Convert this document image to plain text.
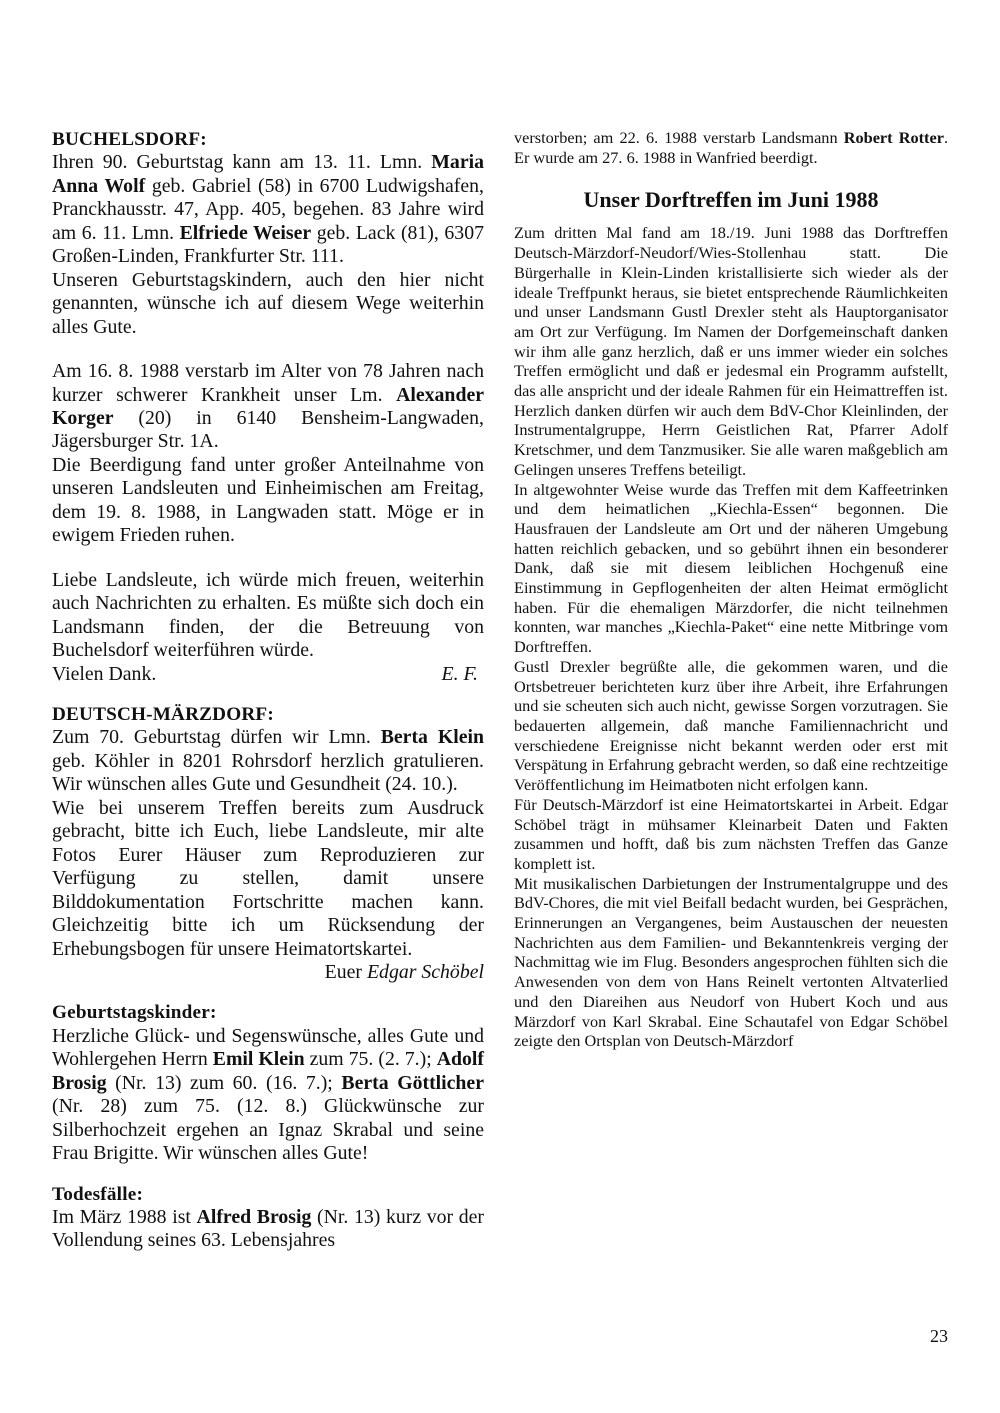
BUCHELSDORF:

Ihren 90. Geburtstag kann am 13. 11. Lmn. Maria Anna Wolf geb. Gabriel (58) in 6700 Ludwigshafen, Pranckhausstr. 47, App. 405, begehen. 83 Jahre wird am 6. 11. Lmn. Elfriede Weiser geb. Lack (81), 6307 Großen-Linden, Frankfurter Str. 111.

Unseren Geburtstagskindern, auch den hier nicht genannten, wünsche ich auf diesem Wege weiterhin alles Gute.

Am 16. 8. 1988 verstarb im Alter von 78 Jahren nach kurzer schwerer Krankheit unser Lm. Alexander Korger (20) in 6140 Bensheim-Langwaden, Jägersburger Str. 1A.

Die Beerdigung fand unter großer Anteilnahme von unseren Landsleuten und Einheimischen am Freitag, dem 19. 8. 1988, in Langwaden statt. Möge er in ewigem Frieden ruhen.

Liebe Landsleute, ich würde mich freuen, weiterhin auch Nachrichten zu erhalten. Es müßte sich doch ein Landsmann finden, der die Betreuung von Buchelsdorf weiterführen würde.

Vielen Dank.	E. F.

DEUTSCH-MÄRZDORF:

Zum 70. Geburtstag dürfen wir Lmn. Berta Klein geb. Köhler in 8201 Rohrsdorf herzlich gratulieren. Wir wünschen alles Gute und Gesundheit (24. 10.).

Wie bei unserem Treffen bereits zum Ausdruck gebracht, bitte ich Euch, liebe Landsleute, mir alte Fotos Eurer Häuser zum Reproduzieren zur Verfügung zu stellen, damit unsere Bilddokumentation Fortschritte machen kann. Gleichzeitig bitte ich um Rücksendung der Erhebungsbogen für unsere Heimatortskartei.

Euer Edgar Schöbel

Geburtstagskinder:

Herzliche Glück- und Segenswünsche, alles Gute und Wohlergehen Herrn Emil Klein zum 75. (2. 7.); Adolf Brosig (Nr. 13) zum 60. (16. 7.); Berta Göttlicher (Nr. 28) zum 75. (12. 8.) Glückwünsche zur Silberhochzeit ergehen an Ignaz Skrabal und seine Frau Brigitte. Wir wünschen alles Gute!

Todesfälle:

Im März 1988 ist Alfred Brosig (Nr. 13) kurz vor der Vollendung seines 63. Lebensjahres

verstorben; am 22. 6. 1988 verstarb Landsmann Robert Rotter. Er wurde am 27. 6. 1988 in Wanfried beerdigt.

Unser Dorftreffen im Juni 1988

Zum dritten Mal fand am 18./19. Juni 1988 das Dorftreffen Deutsch-Märzdorf-Neudorf/Wies-Stollenhau statt. Die Bürgerhalle in Klein-Linden kristallisierte sich wieder als der ideale Treffpunkt heraus, sie bietet entsprechende Räumlichkeiten und unser Landsmann Gustl Drexler steht als Hauptorganisator am Ort zur Verfügung. Im Namen der Dorfgemeinschaft danken wir ihm alle ganz herzlich, daß er uns immer wieder ein solches Treffen ermöglicht und daß er jedesmal ein Programm aufstellt, das alle anspricht und der ideale Rahmen für ein Heimattreffen ist. Herzlich danken dürfen wir auch dem BdV-Chor Kleinlinden, der Instrumentalgruppe, Herrn Geistlichen Rat, Pfarrer Adolf Kretschmer, und dem Tanzmusiker. Sie alle waren maßgeblich am Gelingen unseres Treffens beteiligt.

In altgewohnter Weise wurde das Treffen mit dem Kaffeetrinken und dem heimatlichen „Kiechla-Essen“ begonnen. Die Hausfrauen der Landsleute am Ort und der näheren Umgebung hatten reichlich gebacken, und so gebührt ihnen ein besonderer Dank, daß sie mit diesem leiblichen Hochgenuß eine Einstimmung in Gepflogenheiten der alten Heimat ermöglicht haben. Für die ehemaligen Märzdorfer, die nicht teilnehmen konnten, war manches „Kiechla-Paket“ eine nette Mitbringe vom Dorftreffen.

Gustl Drexler begrüßte alle, die gekommen waren, und die Ortsbetreuer berichteten kurz über ihre Arbeit, ihre Erfahrungen und sie scheuten sich auch nicht, gewisse Sorgen vorzutragen. Sie bedauerten allgemein, daß manche Familiennachricht und verschiedene Ereignisse nicht bekannt werden oder erst mit Verspätung in Erfahrung gebracht werden, so daß eine rechtzeitige Veröffentlichung im Heimatboten nicht erfolgen kann.

Für Deutsch-Märzdorf ist eine Heimatortskartei in Arbeit. Edgar Schöbel trägt in mühsamer Kleinarbeit Daten und Fakten zusammen und hofft, daß bis zum nächsten Treffen das Ganze komplett ist.

Mit musikalischen Darbietungen der Instrumentalgruppe und des BdV-Chores, die mit viel Beifall bedacht wurden, bei Gesprächen, Erinnerungen an Vergangenes, beim Austauschen der neuesten Nachrichten aus dem Familien- und Bekanntenkreis verging der Nachmittag wie im Flug. Besonders angesprochen fühlten sich die Anwesenden von dem von Hans Reinelt vertonten Altvaterlied und den Diareihen aus Neudorf von Hubert Koch und aus Märzdorf von Karl Skrabal. Eine Schautafel von Edgar Schöbel zeigte den Ortsplan von Deutsch-Märzdorf

23
